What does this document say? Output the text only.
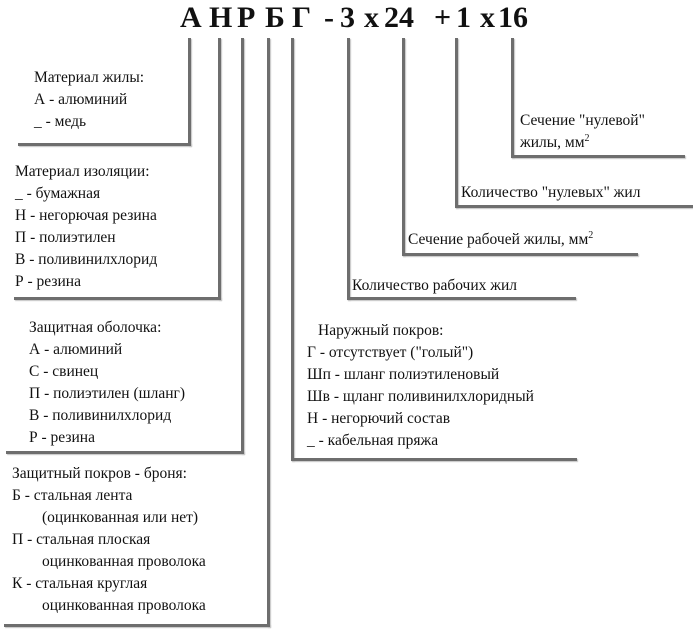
А Н Р Б Г - 3 х 24 + 1 х 16
Материал жилы:
А - алюминий
_ - медь
Материал изоляции:
_ - бумажная
Н - негорючая резина
П - полиэтилен
В - поливинилхлорид
Р - резина
Защитная оболочка:
А - алюминий
С - свинец
П - полиэтилен (шланг)
В - поливинилхлорид
Р - резина
Защитный покров - броня:
Б - стальная лента
(оцинкованная или нет)
П - стальная плоская
оцинкованная проволока
К - стальная круглая
оцинкованная проволока
Наружный покров:
Г - отсутствует ("голый")
Шп - шланг полиэтиленовый
Шв - щланг поливинилхлоридный
Н - негорючий состав
_ - кабельная пряжа
Количество рабочих жил
Сечение рабочей жилы, $мм^2$
Количество "нулевых" жил
Сечение "нулевой"
жилы, $мм^2$
